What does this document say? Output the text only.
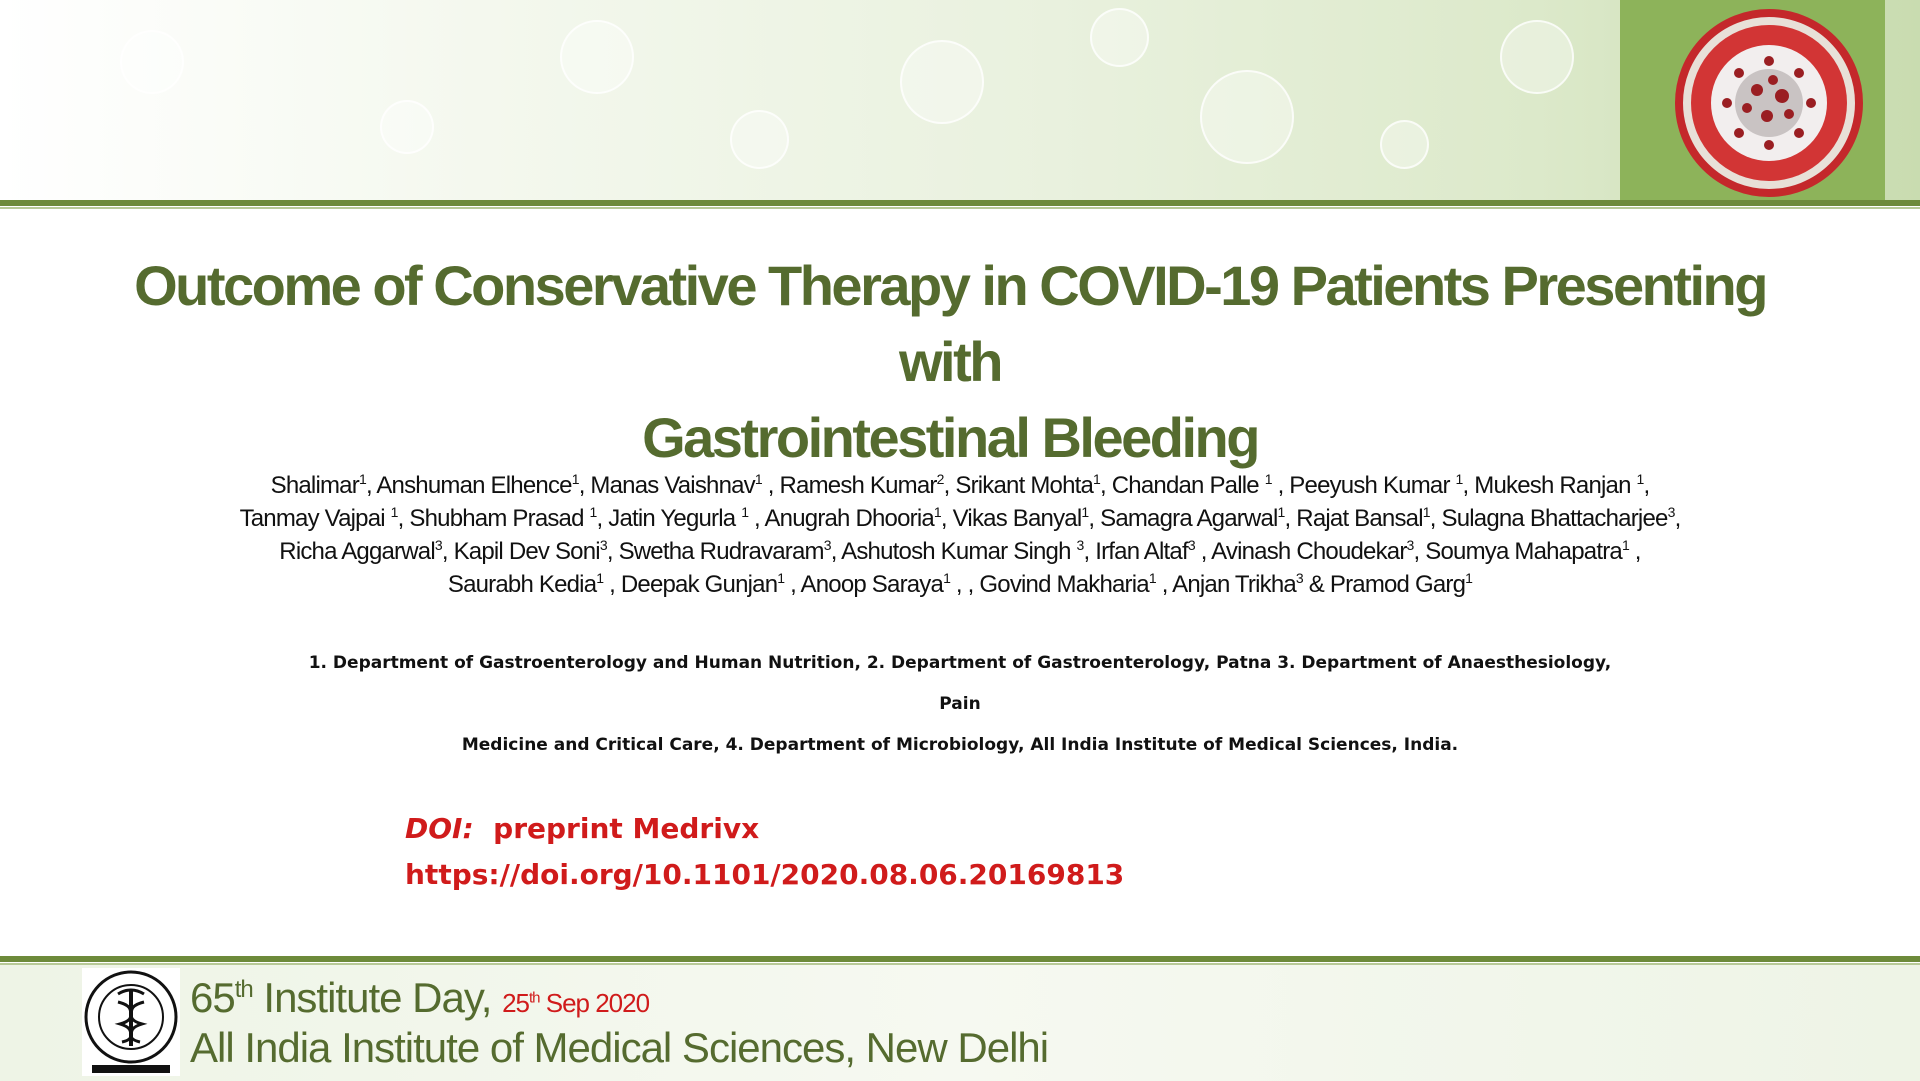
Outcome of Conservative Therapy in COVID-19 Patients Presenting with
Gastrointestinal Bleeding
Shalimar$^1$, Anshuman Elhence$^1$, Manas Vaishnav$^1$ , Ramesh Kumar$^2$, Srikant Mohta$^1$, Chandan Palle $^1$ , Peeyush Kumar $^1$, Mukesh Ranjan $^1$,
Tanmay Vajpai $^1$, Shubham Prasad $^1$, Jatin Yegurla $^1$ , Anugrah Dhooria$^1$, Vikas Banyal$^1$, Samagra Agarwal$^1$, Rajat Bansal$^1$, Sulagna Bhattacharjee$^3$,
Richa Aggarwal$^3$, Kapil Dev Soni$^3$, Swetha Rudravaram$^3$, Ashutosh Kumar Singh $^3$, Irfan Altaf$^3$ , Avinash Choudekar$^3$, Soumya Mahapatra$^1$ ,
Saurabh Kedia$^1$ , Deepak Gunjan$^1$ , Anoop Saraya$^1$ , , Govind Makharia$^1$ , Anjan Trikha$^3$ & Pramod Garg$^1$
1. Department of Gastroenterology and Human Nutrition, 2. Department of Gastroenterology, Patna 3. Department of Anaesthesiology, Pain
Medicine and Critical Care, 4. Department of Microbiology, All India Institute of Medical Sciences, India.
DOI: preprint Medrivx
https://doi.org/10.1101/2020.08.06.20169813
65th Institute Day, 25th Sep 2020
All India Institute of Medical Sciences, New Delhi
